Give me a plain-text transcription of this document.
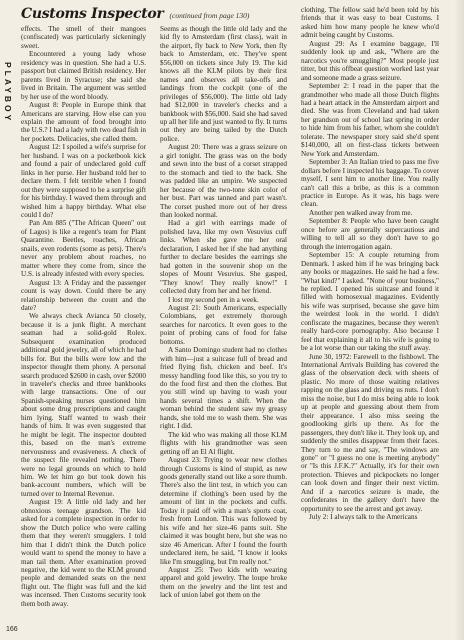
PLAYBOY
Customs Inspector (continued from page 130)

effects. The smell of their mangoes (confiscated) was particularly sickeningly sweet.

Encountered a young lady whose residency was in question. She had a U.S. passport but claimed British residency. Her parents lived in Syracuse; she said she lived in Britain. The argument was settled by her use of the word bloody.

August 8: People in Europe think that Americans are starving. How else can you explain the amount of food brought into the U.S.? I had a lady with two dead fish in her pockets. Delicacies, she called them.

August 12: I spoiled a wife's surprise for her husband. I was on a pocketbook kick and found a pair of undeclared gold cuff links in her purse. Her husband told her to declare them. I felt terrible when I found out they were supposed to be a surprise gift for his birthday. I waved them through and wished him a happy birthday. What else could I do?

Pan Am 885 ("The African Queen" out of Lagos) is like a regent's team for Plant Quarantine. Beetles, roaches, African snails, even rodents (some as pets). There's never any problem about roaches, no matter where they come from, since the U.S. is already infested with every species.

August 13: A Friday and the passenger count is way down. Could there be any relationship between the count and the date?

We always check Avianca 50 closely, because it is a junk flight. A merchant seaman had a solid-gold Rolex. Subsequent examination produced additional gold jewelry, all of which he had bills for. But the bills were low and the inspector thought them phony. A personal search produced $2600 in cash, over $2000 in traveler's checks and three bankbooks with large transactions. One of our Spanish-speaking nurses questioned him about some drug prescriptions and caught him lying. Staff wanted to wash their hands of him. It was even suggested that he might be legit. The inspector doubted this, based on the man's extreme nervousness and evasiveness. A check of the suspect file revealed nothing. There were no legal grounds on which to hold him. We let him go but took down his bank-account numbers, which will be turned over to Internal Revenue.

August 19: A little old lady and her obnoxious teenage grandson. The kid asked for a complete inspection in order to show the Dutch police who were calling them that they weren't smugglers. I told him that I didn't think the Dutch police would want to spend the money to have a man tail them. After examination proved negative, the kid went to the KLM ground people and demanded seats on the next flight out. The flight was full and the kid was incensed. Then Customs security took them both away.

Seems as though the little old lady and the kid fly to Amsterdam (first class), wait in the airport, fly back to New York, then fly back to Amsterdam, etc. They've spent $56,000 on tickets since July 19. The kid knows all the KLM pilots by their first names and observes all take-offs and landings from the cockpit (one of the privileges of $56,000). The little old lady had $12,000 in traveler's checks and a bankbook with $56,000. Said she had saved up all her life and just wanted to fly. It turns out they are being tailed by the Dutch police.

August 20: There was a grass seizure on a girl tonight. The grass was on the body and sewn into the bust of a corset strapped to the stomach and tied to the back. She was padded like an umpire. We suspected her because of the two-tone skin color of her bust. Part was tanned and part wasn't. The corset pushed more out of her dress than looked normal.

Had a girl with earrings made of polished lava, like my own Vesuvius cuff links. When she gave me her oral declaration, I asked her if she had anything further to declare besides the earrings she had gotten in the souvenir shop on the slopes of Mount Vesuvius. She gasped, "They know! They really know!" I collected duty from her and her friend.

I lost my second pen in a week.

August 21: South Americans, especially Colombians, get extremely thorough searches for narcotics. It even goes to the point of probing cans of food for false bottoms.

A Santo Domingo student had no clothes with him—just a suitcase full of bread and fried flying fish, chicken and beef. It's messy handling food like this, so you try to do the food first and then the clothes. But you still wind up having to wash your hands several times a shift. When the woman behind the student saw my greasy hands, she told me to wash them. She was right. I did.

The kid who was making all those KLM flights with his grandmother was seen getting off an El Al flight.

August 23: Trying to wear new clothes through Customs is kind of stupid, as new goods generally stand out like a sore thumb. There's also the lint test, in which you can determine if clothing's been used by the amount of lint in the pockets and cuffs. Today it paid off with a man's sports coat, fresh from London. This was followed by his wife and her size-46 pants suit. She claimed it was bought here, but she was no size 46 American. After I found the fourth undeclared item, he said, "I know it looks like I'm smuggling, but I'm really not."

August 25: Two kids with wearing apparel and gold jewelry. The loupe broke them on the jewelry and the lint test and lack of union label got them on the

clothing. The fellow said he'd been told by his friends that it was easy to beat Customs. I asked him how many people he knew who'd admit being caught by Customs.

August 29: As I examine baggage, I'll suddenly look up and ask, "Where are the narcotics you're smuggling?" Most people just titter, but this offbeat question worked last year and someone made a grass seizure.

September 2: I read in the paper that the grandmother who made all those Dutch flights had a heart attack in the Amsterdam airport and died. She was from Cleveland and had taken her grandson out of school last spring in order to hide him from his father, whom she couldn't tolerate. The newspaper story said she'd spent $140,000, all on first-class tickets between New York and Amsterdam.

September 3: An Italian tried to pass me five dollars before I inspected his baggage. To cover myself, I sent him to another line. You really can't call this a bribe, as this is a common practice in Europe. As it was, his bags were clean.

Another pen walked away from me.

September 8: People who have been caught once before are generally supercautious and willing to tell all so they don't have to go through the interrogation again.

September 15: A couple returning from Denmark. I asked him if he was bringing back any books or magazines. He said he had a few. "What kind?" I asked. "None of your business," he replied. I opened his suitcase and found it filled with homosexual magazines. Evidently his wife was surprised, because she gave him the weirdest look in the world. I didn't confiscate the magazines, because they weren't really hard-core pornography. Also because I feel that explaining it all to his wife is going to be a lot worse than our taking the stuff away.

June 30, 1972: Farewell to the fishbowl. The International Arrivals Building has covered the glass of the observation deck with sheets of plastic. No more of those waiting relatives rapping on the glass and driving us nuts. I don't miss the noise, but I do miss being able to look up at people and guessing about them from their appearance. I also miss seeing the goodlooking girls up there. As for the passengers, they don't like it. They look up, and suddenly the smiles disappear from their faces. They turn to me and say, "The windows are gone" or "I guess no one is meeting anybody" or "Is this J.F.K.?" Actually, it's for their own protection. Thieves and pickpockets no longer can look down and finger their next victim. And if a narcotics seizure is made, the confederates in the gallery don't have the opportunity to see the arrest and get away.

July 2: I always talk to the Americans

166
